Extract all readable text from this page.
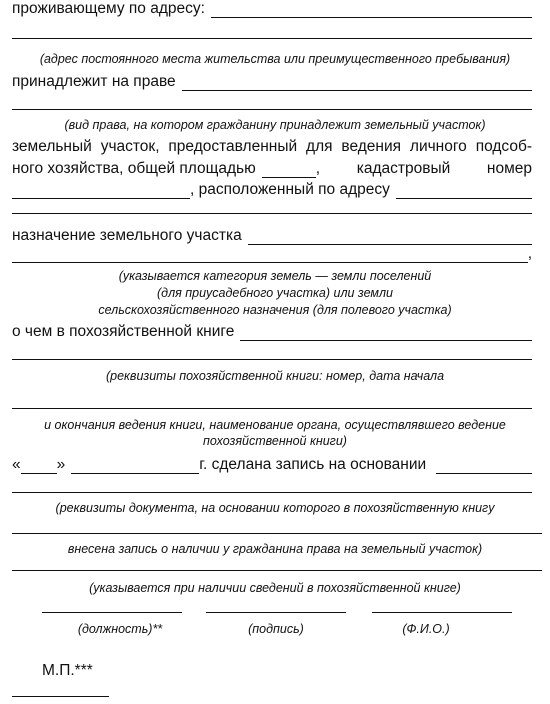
проживающему по адресу:
(адрес постоянного места жительства или преимущественного пребывания)
принадлежит на праве
(вид права, на котором гражданину принадлежит земельный участок)
земельный участок, предоставленный для ведения личного подсоб-
ного хозяйства, общей площадью	, кадастровый номер
, расположенный по адресу
назначение земельного участка
,
(указывается категория земель — земли поселений
(для приусадебного участка) или земли
сельскохозяйственного назначения (для полевого участка)
о чем в похозяйственной книге
(реквизиты похозяйственной книги: номер, дата начала
и окончания ведения книги, наименование органа, осуществлявшего ведение
похозяйственной книги)
« »	г. сделана запись на основании
(реквизиты документа, на основании которого в похозяйственную книгу
внесена запись о наличии у гражданина права на земельный участок)
(указывается при наличии сведений в похозяйственной книге)
(должность)**	(подпись)	(Ф.И.О.)
М.П.***
